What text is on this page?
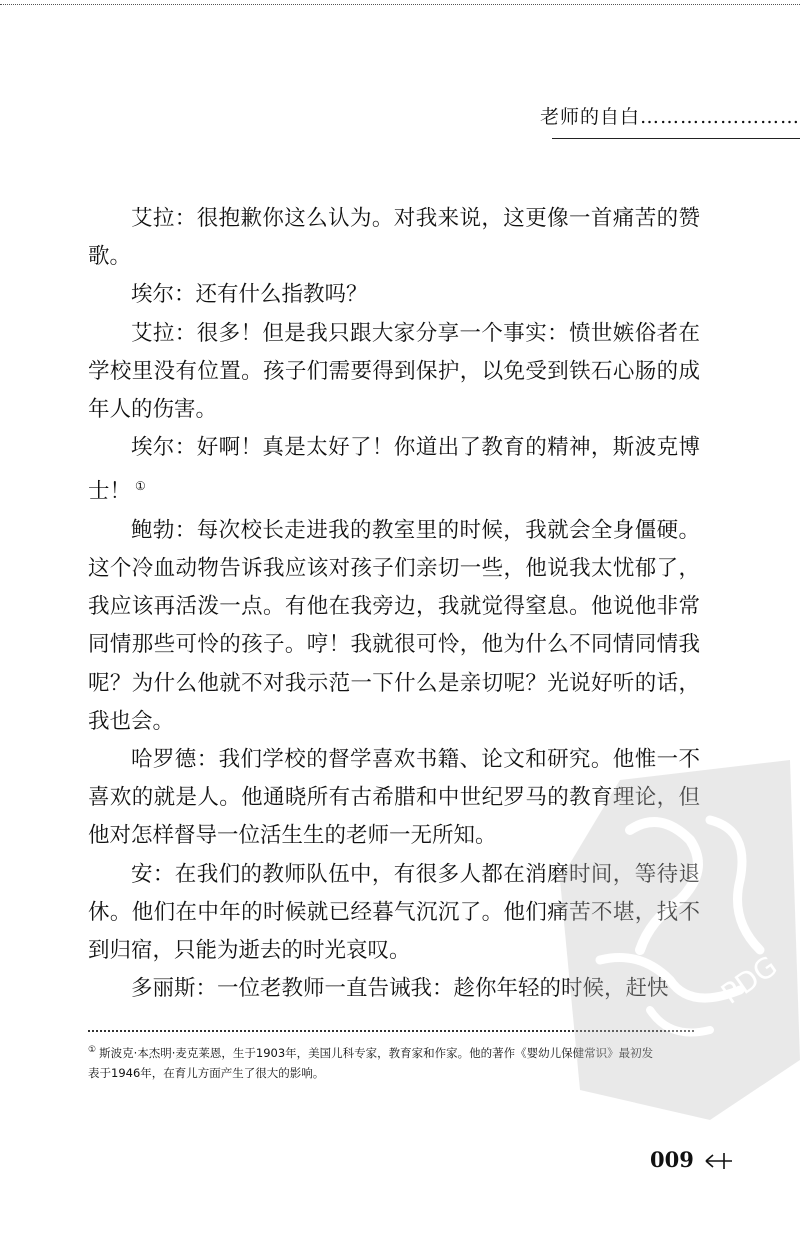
老师的自白……………………

艾拉：很抱歉你这么认为。对我来说，这更像一首痛苦的赞歌。

埃尔：还有什么指教吗？

艾拉：很多！但是我只跟大家分享一个事实：愤世嫉俗者在学校里没有位置。孩子们需要得到保护，以免受到铁石心肠的成年人的伤害。

埃尔：好啊！真是太好了！你道出了教育的精神，斯波克博士！ ①

鲍勃：每次校长走进我的教室里的时候，我就会全身僵硬。这个冷血动物告诉我应该对孩子们亲切一些，他说我太忧郁了，我应该再活泼一点。有他在我旁边，我就觉得窒息。他说他非常同情那些可怜的孩子。哼！我就很可怜，他为什么不同情同情我呢？为什么他就不对我示范一下什么是亲切呢？光说好听的话，我也会。

哈罗德：我们学校的督学喜欢书籍、论文和研究。他惟一不喜欢的就是人。他通晓所有古希腊和中世纪罗马的教育理论，但他对怎样督导一位活生生的老师一无所知。

安：在我们的教师队伍中，有很多人都在消磨时间，等待退休。他们在中年的时候就已经暮气沉沉了。他们痛苦不堪，找不到归宿，只能为逝去的时光哀叹。

多丽斯：一位老教师一直告诫我：趁你年轻的时候，赶快

① 斯波克·本杰明·麦克莱恩，生于1903年，美国儿科专家，教育家和作家。他的著作《婴幼儿保健常识》最初发

表于1946年，在育儿方面产生了很大的影响。

009
PDG
